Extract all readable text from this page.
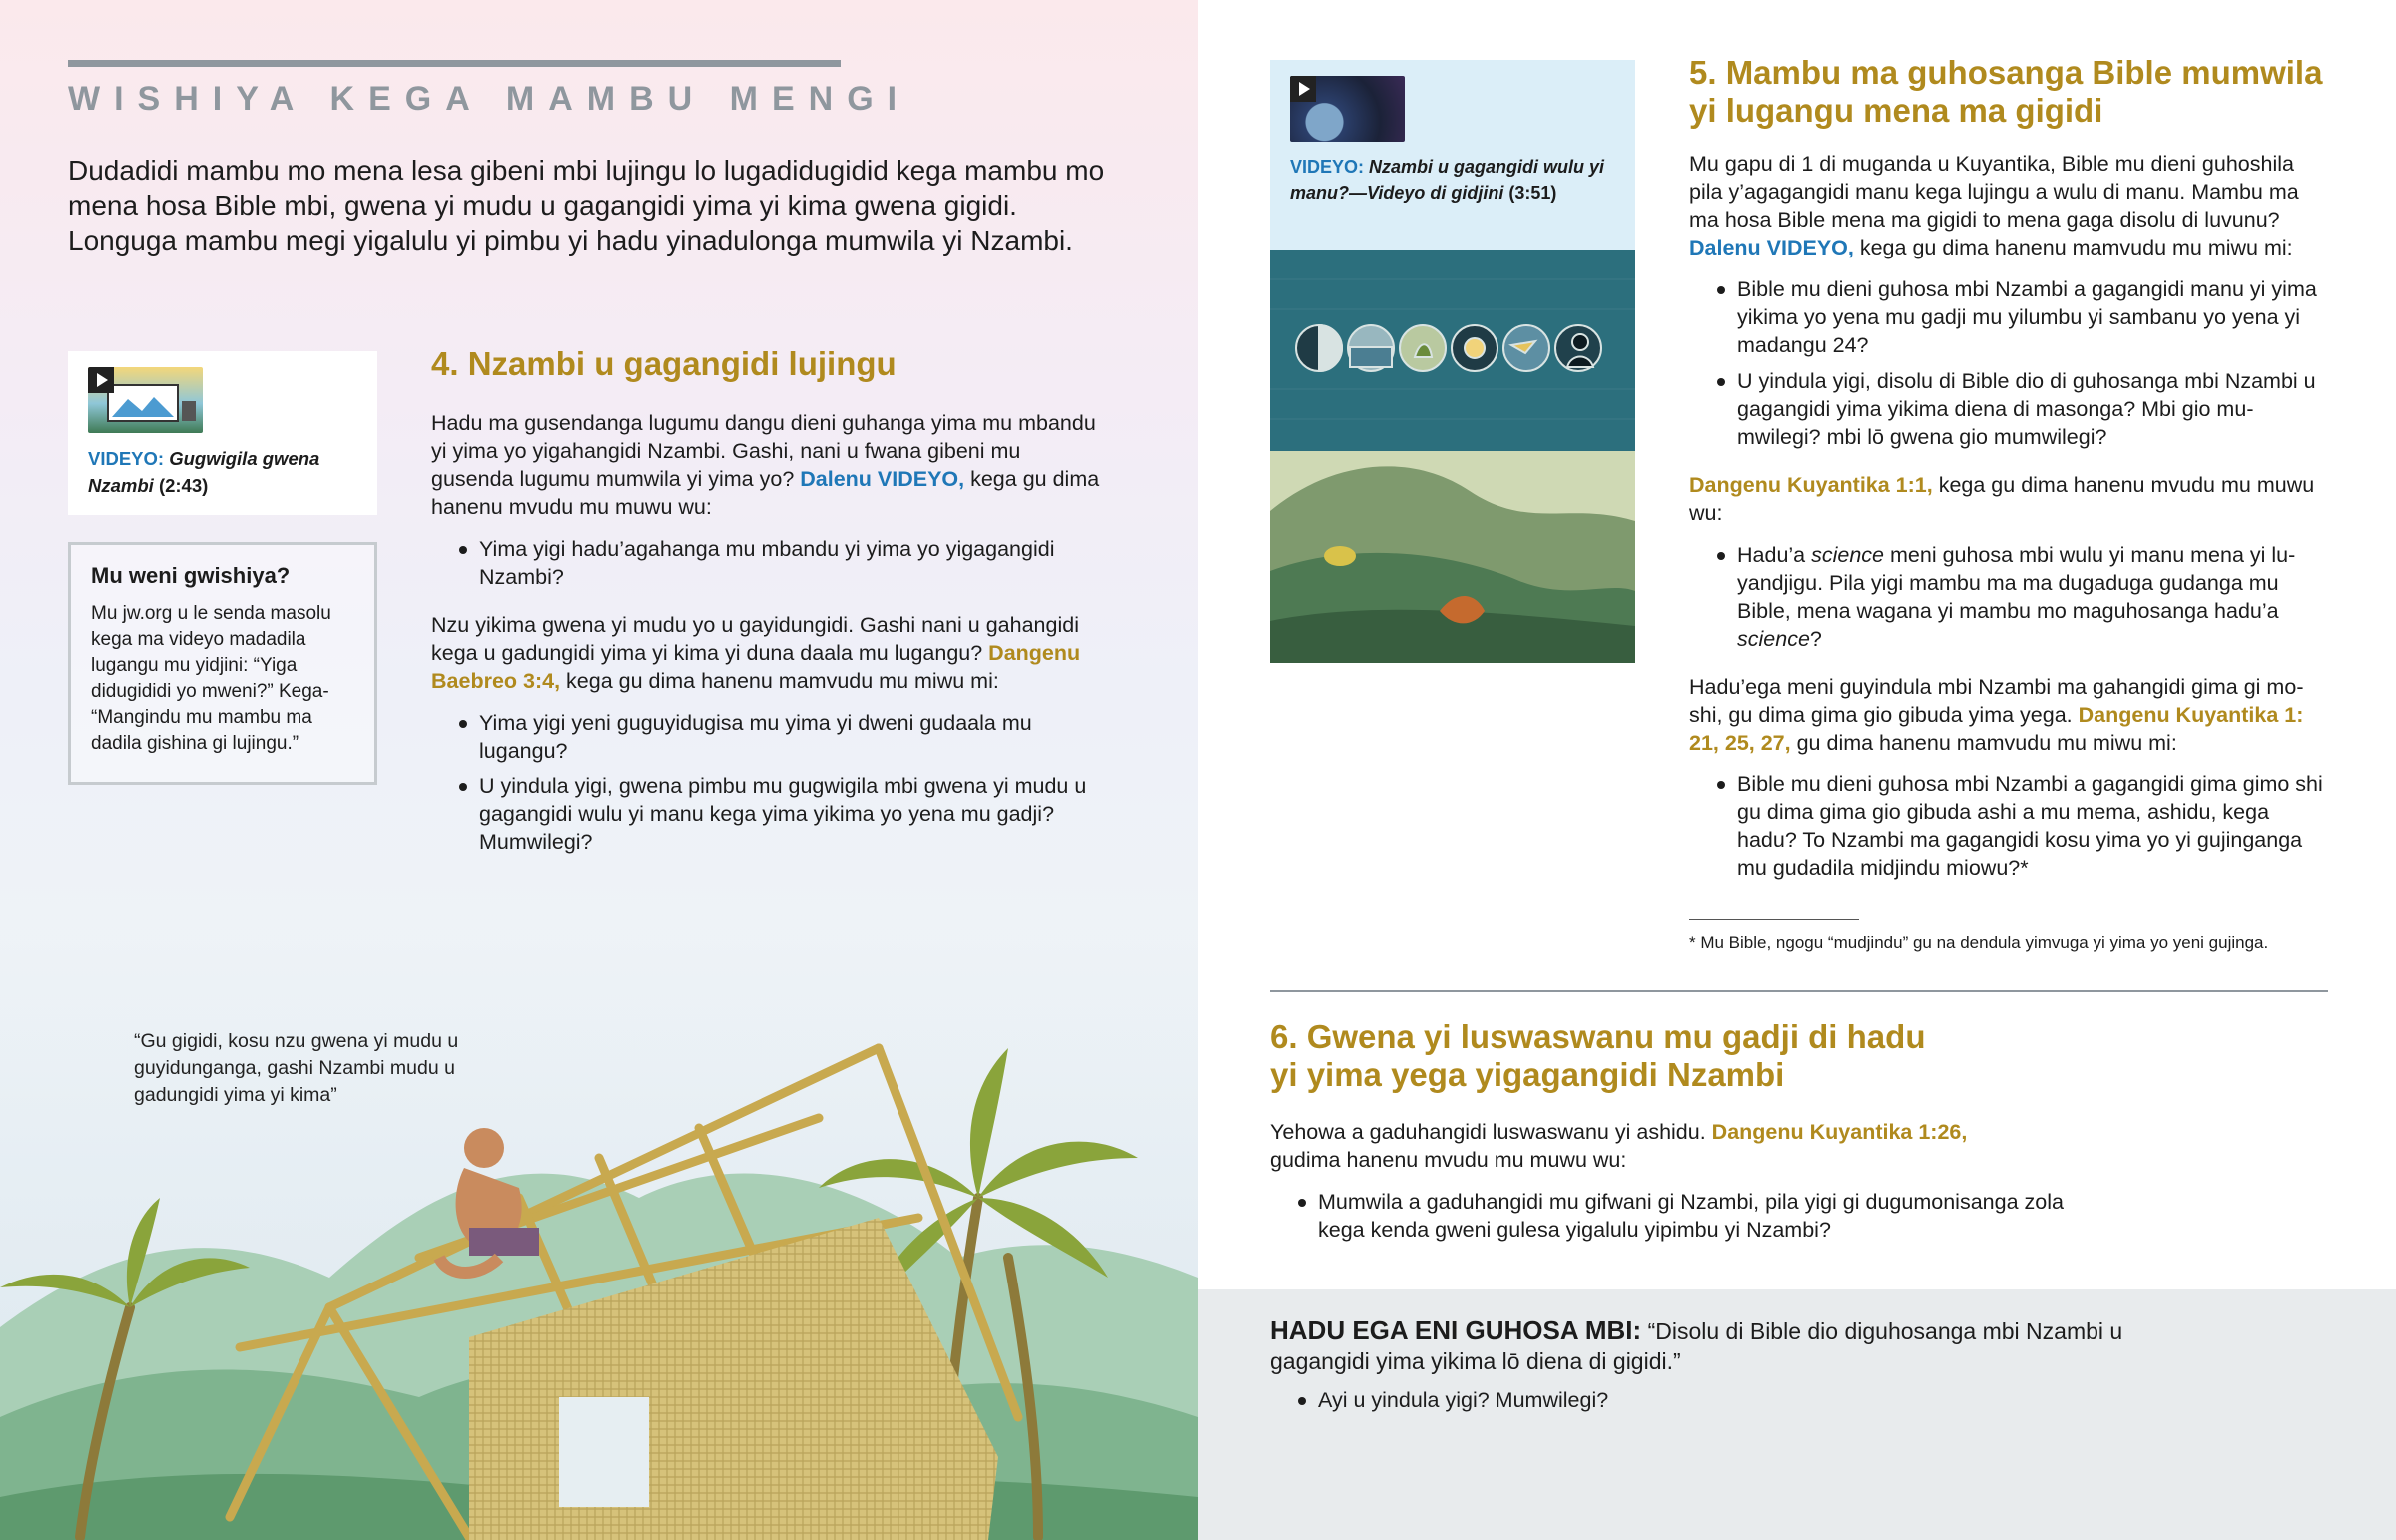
WISHIYA KEGA MAMBU MENGI

Dudadidi mambu mo mena lesa gibeni mbi lujingu lo lugadidugidid kega mambu mo mena hosa Bible mbi, gwena yi mudu u gagangidi yima yi kima gwena gigidi. Longuga mambu megi yigalulu yi pimbu yi hadu yinadulonga mumwila yi Nzambi.

VIDEYO: Gugwigila gwena Nzambi (2:43)
Mu weni gwishiya?

Mu jw.org u le senda masolu kega ma videyo madadila lugangu mu yidjini: “Yiga didugididi yo mweni?” Kega “Mangindu mu mambu ma dadila gishina gi lujingu.”

4. Nzambi u gagangidi lujingu

Hadu ma gusendanga lugumu dangu dieni guhanga yima mu mbandu yi yima yo yigahangidi Nzambi. Gashi, nani u fwana gibeni mu gusenda lugumu mumwila yi yima yo? Dalenu VIDEYO, kega gu dima hanenu mvudu mu muwu wu:

Yima yigi hadu’agahanga mu mbandu yi yima yo yigagangidi Nzambi?

Nzu yikima gwena yi mudu yo u gayidungidi. Gashi nani u gahangidi kega u gadungidi yima yi kima yi duna daala mu lugangu? Dangenu Baebreo 3:4, kega gu dima hanenu mamvudu mu miwu mi:

Yima yigi yeni guguyidugisa mu yima yi dweni gudaala mu lugangu?
U yindula yigi, gwena pimbu mu gugwigila mbi gwena yi mudu u gagangidi wulu yi manu kega yima yikima yo yena mu gadji? Mumwilegi?

“Gu gigidi, kosu nzu gwena yi mudu u guyidunganga, gashi Nzambi mudu u gadungidi yima yi kima”

VIDEYO: Nzambi u gagangidi wulu yi manu?—Videyo di gidjini (3:51)
5. Mambu ma guhosanga Bible mumwila yi lugangu mena ma gigidi

Mu gapu di 1 di muganda u Kuyantika, Bible mu dieni guhoshila pila y’agagangidi manu kega lujingu a wulu di manu. Mambu ma ma hosa Bible mena ma gigidi to mena gaga disolu di luvunu? Dalenu VIDEYO, kega gu dima hanenu mamvudu mu miwu mi:

Bible mu dieni guhosa mbi Nzambi a gagangidi manu yi yima yikima yo yena mu gadji mu yilumbu yi sambanu yo yena yi madangu 24?
U yindula yigi, disolu di Bible dio di guhosanga mbi Nzambi u gagangidi yima yikima diena di masonga? Mbi gio mu mwilegi? mbi lō gwena gio mumwilegi?

Dangenu Kuyantika 1:1, kega gu dima hanenu mvudu mu muwu wu:

Hadu’a science meni guhosa mbi wulu yi manu mena yi lu yandjigu. Pila yigi mambu ma ma dugaduga gudanga mu Bible, mena wagana yi mambu mo maguhosanga hadu’a science?

Hadu’ega meni guyindula mbi Nzambi ma gahangidi gima gi mo shi, gu dima gima gio gibuda yima yega. Dangenu Kuyantika 1: 21, 25, 27, gu dima hanenu mamvudu mu miwu mi:

Bible mu dieni guhosa mbi Nzambi a gagangidi gima gimo shi gu dima gima gio gibuda ashi a mu mema, ashidu, kega hadu? To Nzambi ma gagangidi kosu yima yo yi gujinganga mu gudadila midjindu miowu?*

* Mu Bible, ngogu “mudjindu” gu na dendula yimvuga yi yima yo yeni gujinga.

6. Gwena yi luswaswanu mu gadji di hadu yi yima yega yigagangidi Nzambi

Yehowa a gaduhangidi luswaswanu yi ashidu. Dangenu Kuyantika 1:26, gudima hanenu mvudu mu muwu wu:

Mumwila a gaduhangidi mu gifwani gi Nzambi, pila yigi gi dugumonisanga zola kega kenda gweni gulesa yigalulu yipimbu yi Nzambi?

HADU EGA ENI GUHOSA MBI: “Disolu di Bible dio diguhosanga mbi Nzambi u gagangidi yima yikima lō diena di gigidi.”

Ayi u yindula yigi? Mumwilegi?
